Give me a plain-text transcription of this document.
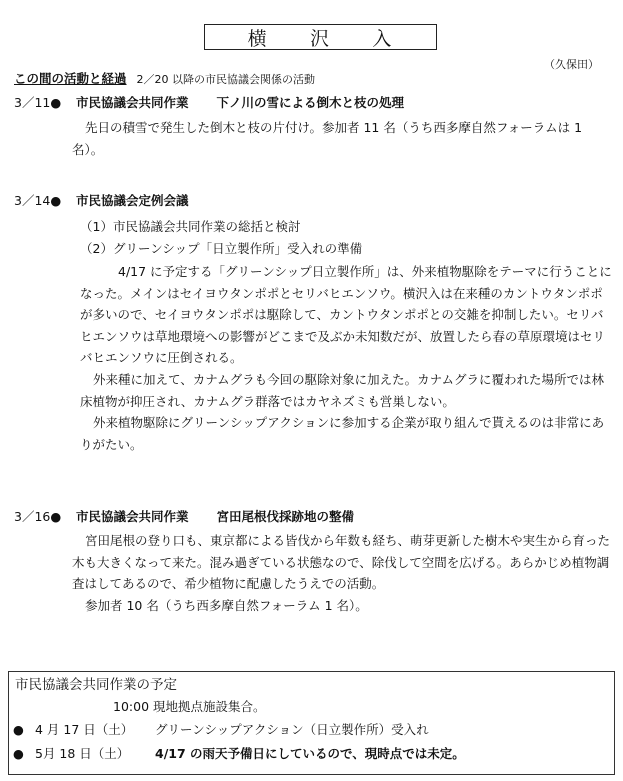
横 沢 入
（久保田）
この間の活動と経過 2／20 以降の市民協議会関係の活動
3／11● 市民協議会共同作業 下ノ川の雪による倒木と枝の処理
先日の積雪で発生した倒木と枝の片付け。参加者 11 名（うち西多摩自然フォーラムは 1 名）。
3／14● 市民協議会定例会議
（1）市民協議会共同作業の総括と検討
（2）グリーンシップ「日立製作所」受入れの準備
4/17 に予定する「グリーンシップ日立製作所」は、外来植物駆除をテーマに行うことになった。メインはセイヨウタンポポとセリバヒエンソウ。横沢入は在来種のカントウタンポポが多いので、セイヨウタンポポは駆除して、カントウタンポポとの交雑を抑制したい。セリバヒエンソウは草地環境への影響がどこまで及ぶか未知数だが、放置したら春の草原環境はセリバヒエンソウに圧倒される。
外来種に加えて、カナムグラも今回の駆除対象に加えた。カナムグラに覆われた場所では林床植物が抑圧され、カナムグラ群落ではカヤネズミも営巣しない。
外来植物駆除にグリーンシップアクションに参加する企業が取り組んで貰えるのは非常にありがたい。
3／16● 市民協議会共同作業 宮田尾根伐採跡地の整備
宮田尾根の登り口も、東京都による皆伐から年数も経ち、萌芽更新した樹木や実生から育った木も大きくなって来た。混み過ぎている状態なので、除伐して空間を広げる。あらかじめ植物調査はしてあるので、希少植物に配慮したうえでの活動。
参加者 10 名（うち西多摩自然フォーラム 1 名）。
市民協議会共同作業の予定
10:00 現地拠点施設集合。
● 4 月 17 日（土） グリーンシップアクション（日立製作所）受入れ
● 5月 18 日（土） 4/17 の雨天予備日にしているので、現時点では未定。
